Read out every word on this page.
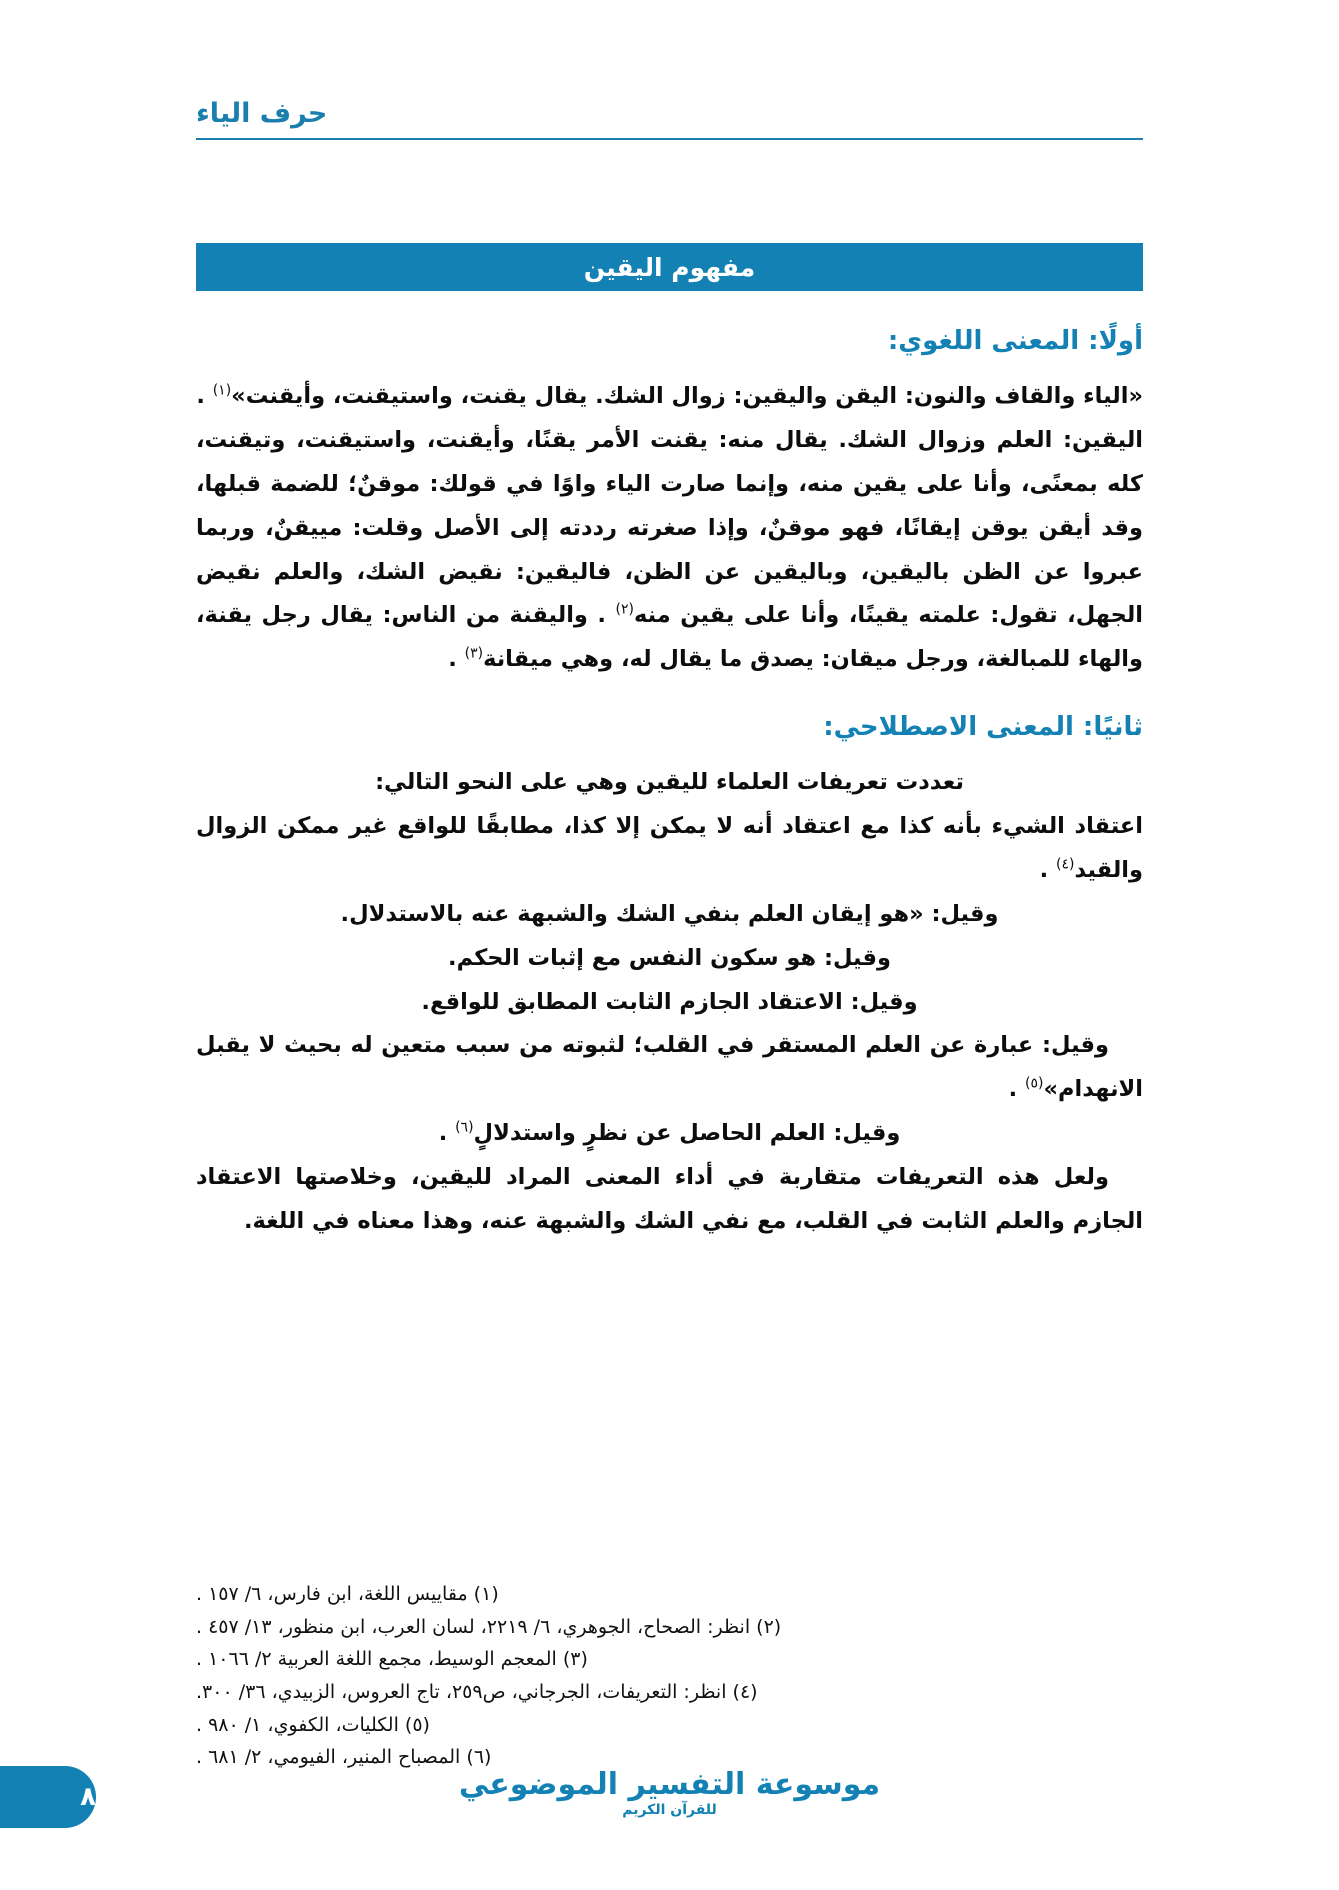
حرف الياء
مفهوم اليقين
أولًا: المعنى اللغوي:

«الياء والقاف والنون: اليقن واليقين: زوال الشك. يقال يقنت، واستيقنت، وأيقنت»$^{(١)}$ .

اليقين: العلم وزوال الشك. يقال منه: يقنت الأمر يقنًا، وأيقنت، واستيقنت، وتيقنت، كله بمعنًى، وأنا على يقين منه، وإنما صارت الياء واوًا في قولك: موقنٌ؛ للضمة قبلها، وقد أيقن يوقن إيقانًا، فهو موقنٌ، وإذا صغرته رددته إلى الأصل وقلت: مييقنٌ، وربما عبروا عن الظن باليقين، وباليقين عن الظن، فاليقين: نقيض الشك، والعلم نقيض الجهل، تقول: علمته يقينًا، وأنا على يقين منه$^{(٢)}$ . واليقنة من الناس: يقال رجل يقنة، والهاء للمبالغة، ورجل ميقان: يصدق ما يقال له، وهي ميقانة$^{(٣)}$ .

ثانيًا: المعنى الاصطلاحي:

تعددت تعريفات العلماء لليقين وهي على النحو التالي:

اعتقاد الشيء بأنه كذا مع اعتقاد أنه لا يمكن إلا كذا، مطابقًا للواقع غير ممكن الزوال والقيد$^{(٤)}$ .

وقيل: «هو إيقان العلم بنفي الشك والشبهة عنه بالاستدلال.

وقيل: هو سكون النفس مع إثبات الحكم.

وقيل: الاعتقاد الجازم الثابت المطابق للواقع.

وقيل: عبارة عن العلم المستقر في القلب؛ لثبوته من سبب متعين له بحيث لا يقبل الانهدام»$^{(٥)}$ .

وقيل: العلم الحاصل عن نظرٍ واستدلالٍ$^{(٦)}$ .

ولعل هذه التعريفات متقاربة في أداء المعنى المراد لليقين، وخلاصتها الاعتقاد الجازم والعلم الثابت في القلب، مع نفي الشك والشبهة عنه، وهذا معناه في اللغة.

(١) مقاييس اللغة، ابن فارس، ٦/ ١٥٧ .
(٢) انظر: الصحاح، الجوهري، ٦/ ٢٢١٩، لسان العرب، ابن منظور، ١٣/ ٤٥٧ .
(٣) المعجم الوسيط، مجمع اللغة العربية ٢/ ١٠٦٦ .
(٤) انظر: التعريفات، الجرجاني، ص٢٥٩، تاج العروس، الزبيدي، ٣٦/ ٣٠٠.
(٥) الكليات، الكفوي، ١/ ٩٨٠ .
(٦) المصباح المنير، الفيومي، ٢/ ٦٨١ .
موسوعة التفسير الموضوعي
للقرآن الكريم
٨
